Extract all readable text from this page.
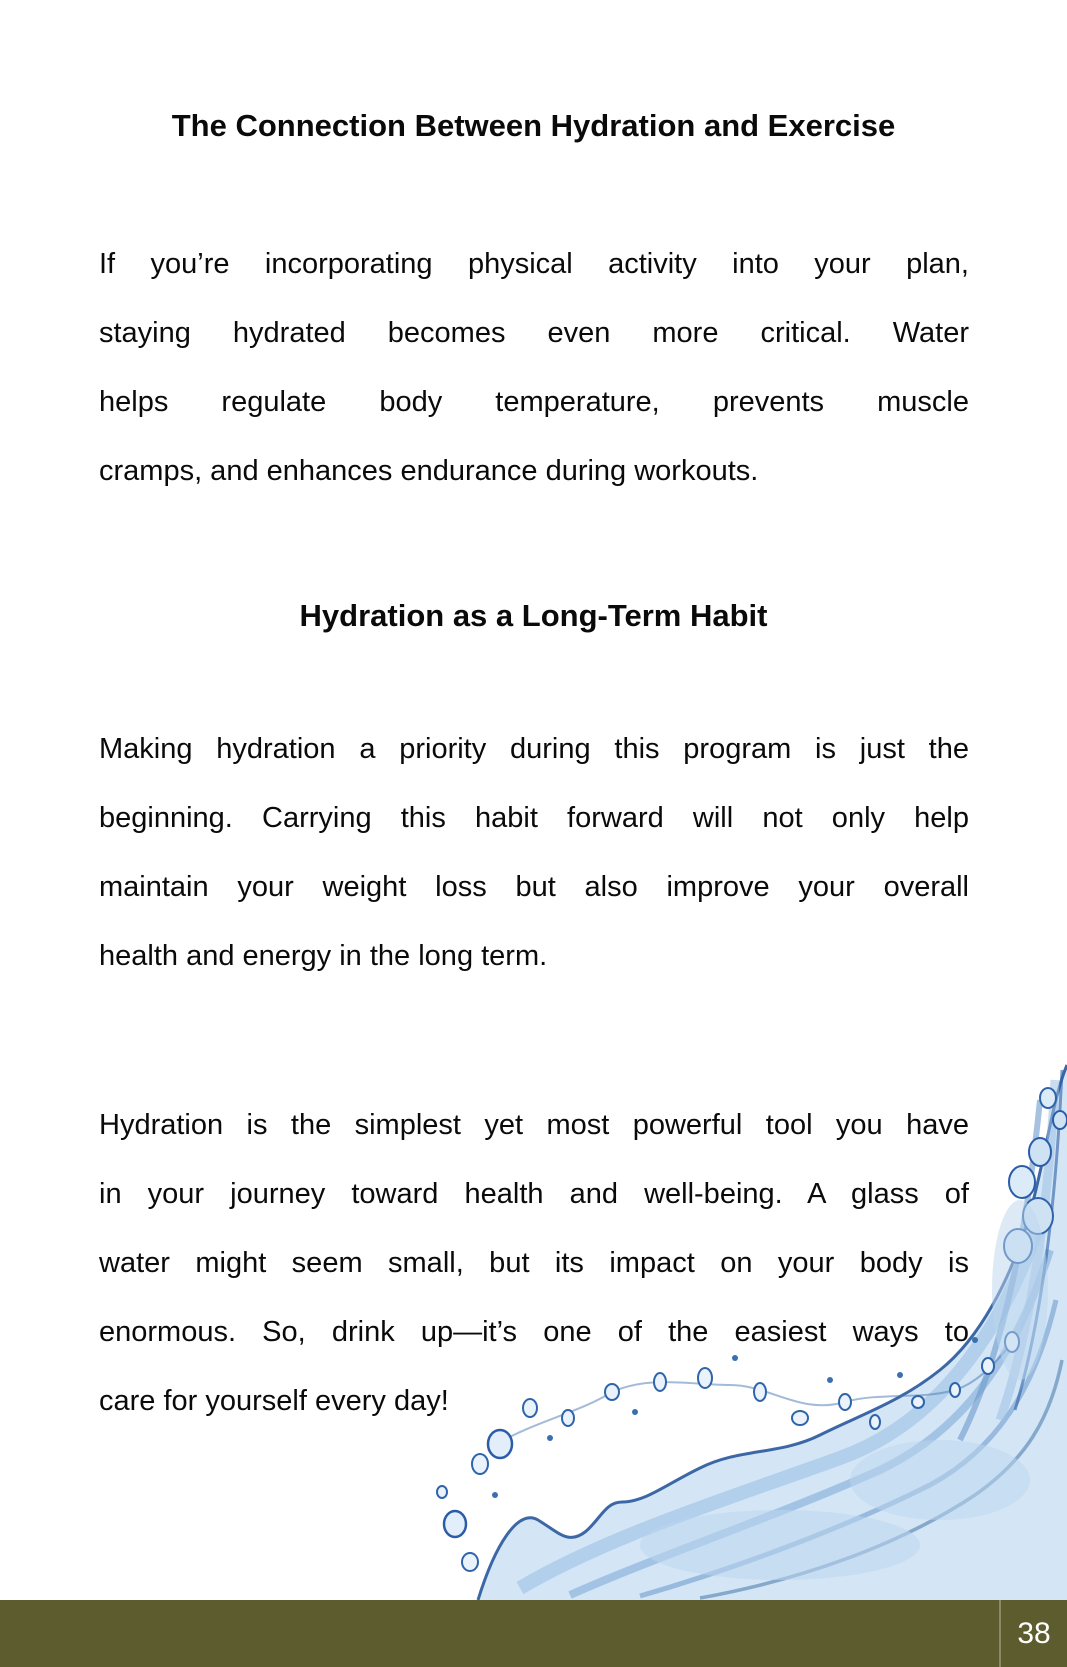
The Connection Between Hydration and Exercise
If you’re incorporating physical activity into your plan,
staying hydrated becomes even more critical. Water
helps regulate body temperature, prevents muscle
cramps, and enhances endurance during workouts.
Hydration as a Long-Term Habit
Making hydration a priority during this program is just the
beginning. Carrying this habit forward will not only help
maintain your weight loss but also improve your overall
health and energy in the long term.
Hydration is the simplest yet most powerful tool you have
in your journey toward health and well-being. A glass of
water might seem small, but its impact on your body is
enormous. So, drink up—it’s one of the easiest ways to
care for yourself every day!
38
